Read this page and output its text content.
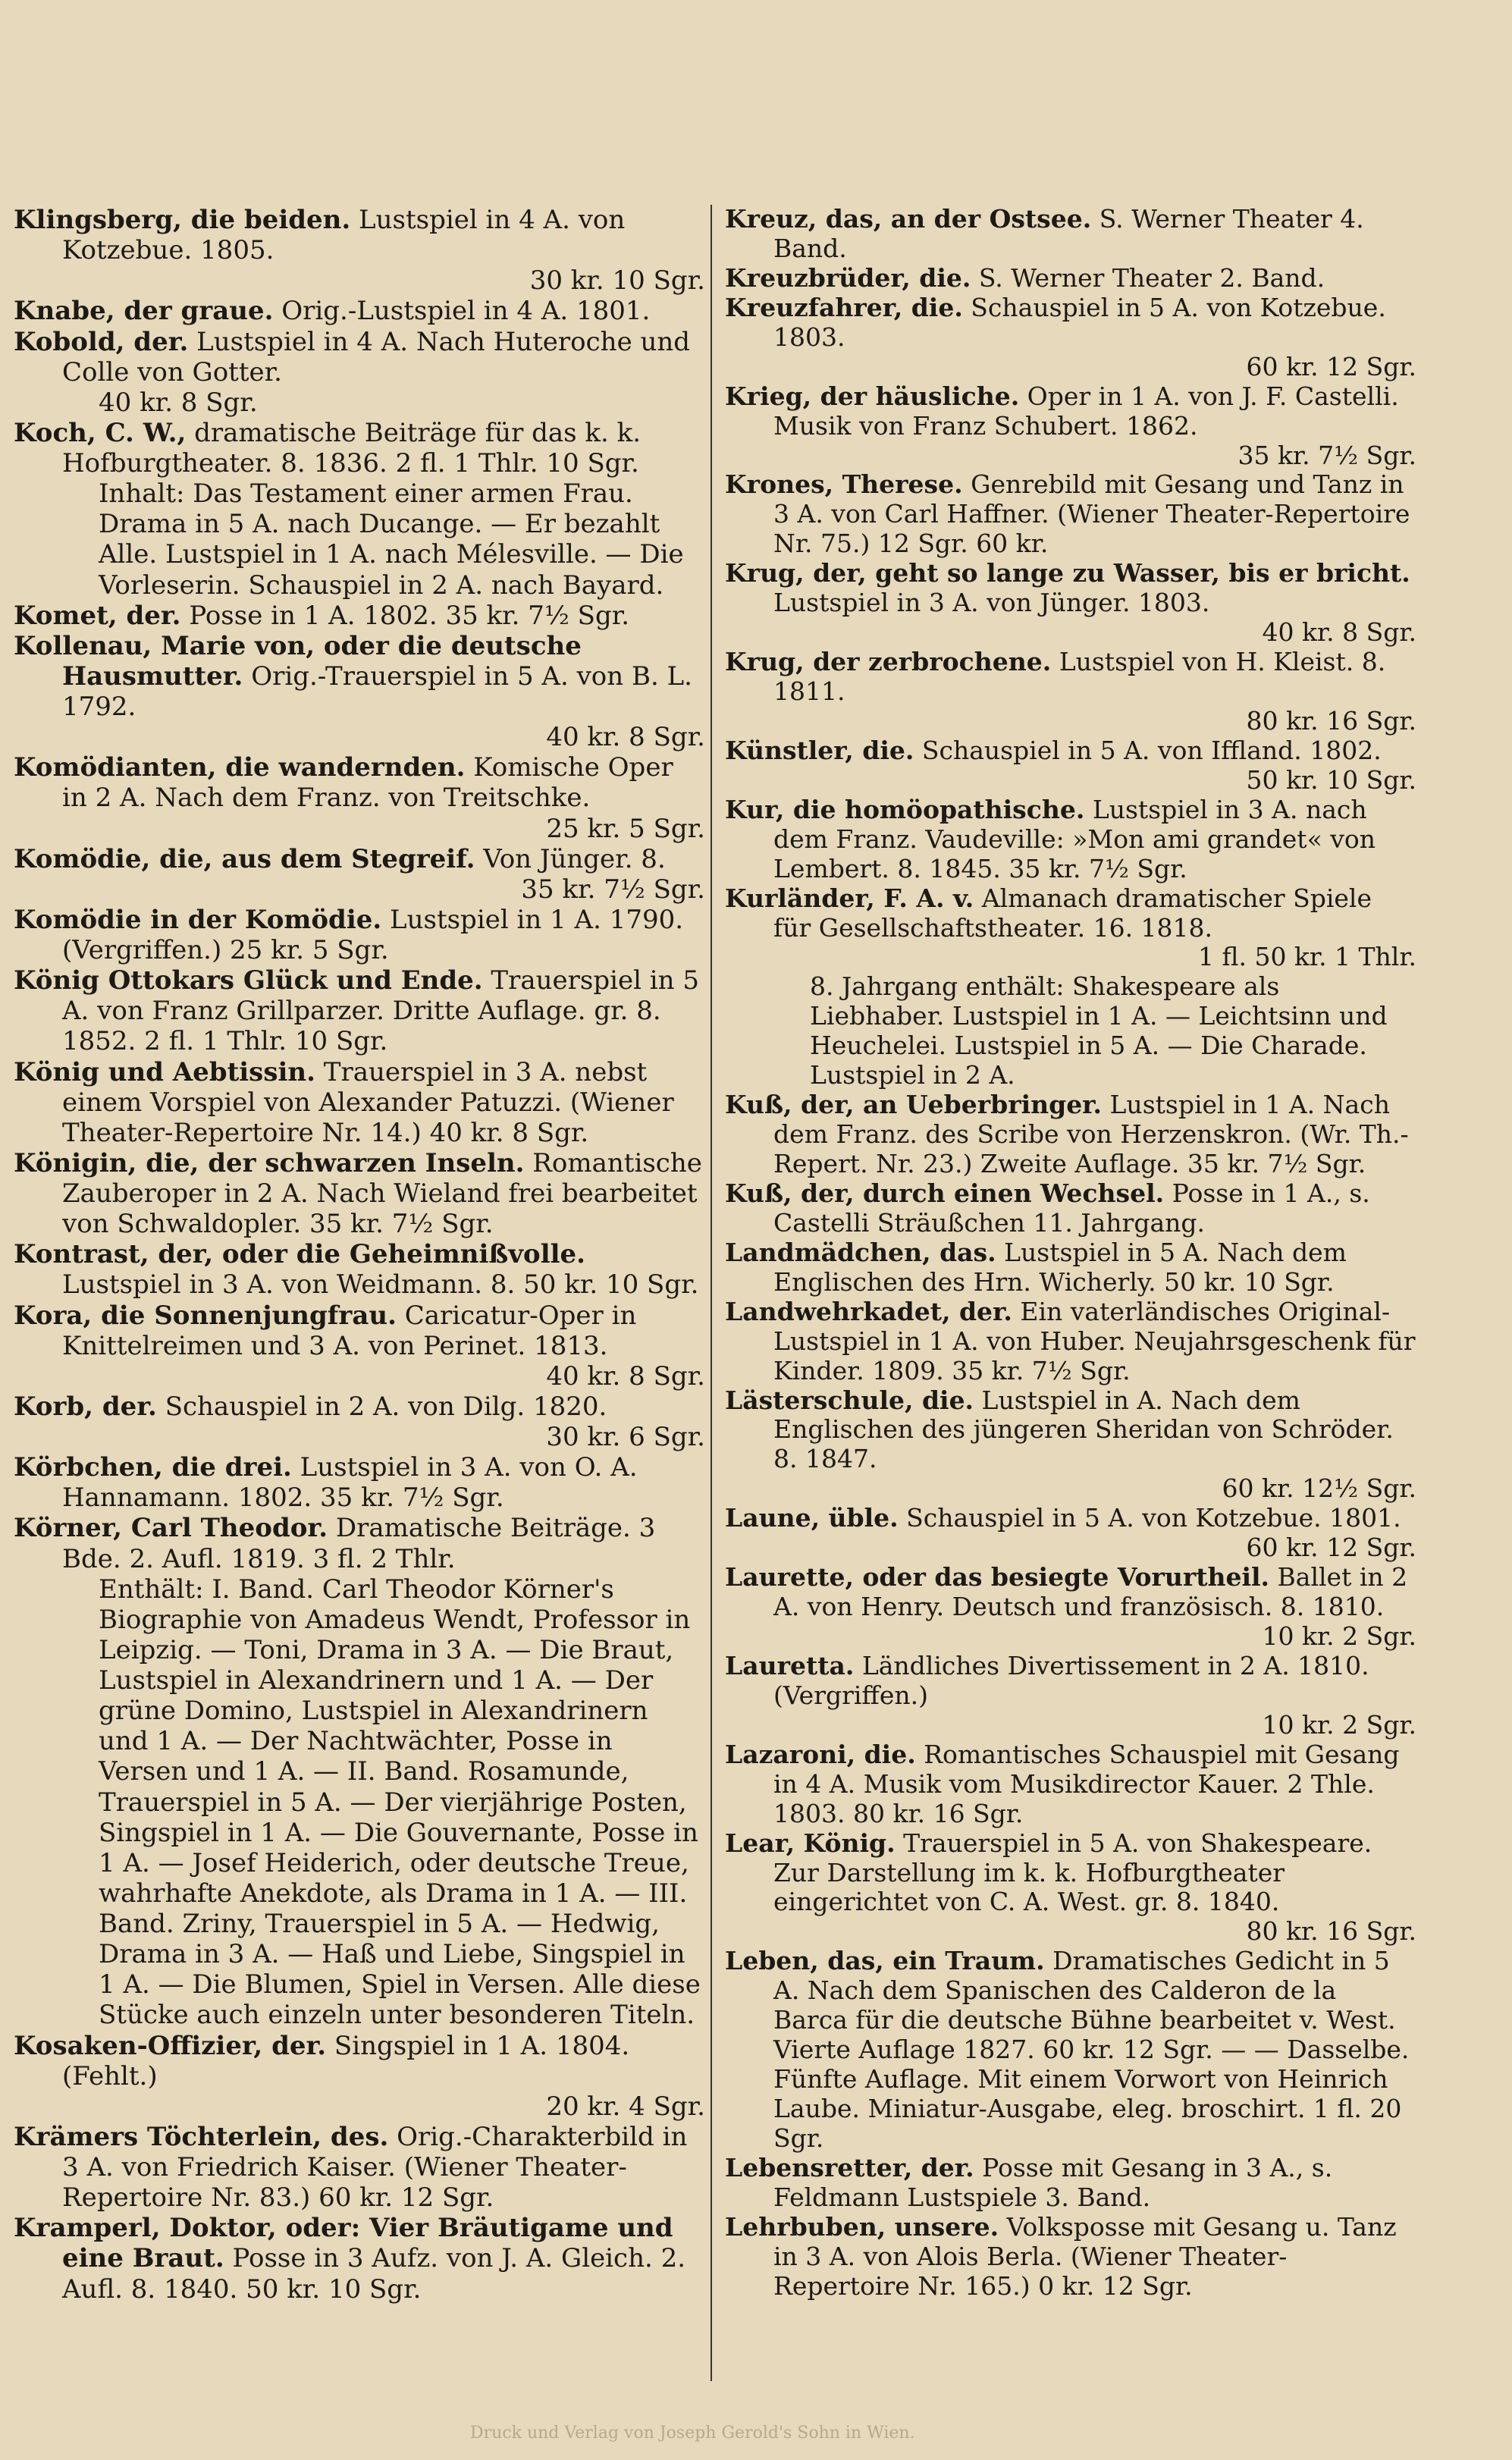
Klingsberg, die beiden. Lustspiel in 4 A. von Kotzebue. 1805.
30 kr. 10 Sgr.

Knabe, der graue. Orig.-Lustspiel in 4 A. 1801.

Kobold, der. Lustspiel in 4 A. Nach Huteroche und Colle von Gotter.
40 kr. 8 Sgr.

Koch, C. W., dramatische Beiträge für das k. k. Hofburgtheater. 8. 1836. 2 fl. 1 Thlr. 10 Sgr.
Inhalt: Das Testament einer armen Frau. Drama in 5 A. nach Ducange. — Er bezahlt Alle. Lustspiel in 1 A. nach Mélesville. — Die Vorleserin. Schauspiel in 2 A. nach Bayard.

Komet, der. Posse in 1 A. 1802. 35 kr. 7½ Sgr.

Kollenau, Marie von, oder die deutsche Hausmutter. Orig.-Trauerspiel in 5 A. von B. L. 1792.
40 kr. 8 Sgr.

Komödianten, die wandernden. Komische Oper in 2 A. Nach dem Franz. von Treitschke.
25 kr. 5 Sgr.

Komödie, die, aus dem Stegreif. Von Jünger. 8.
35 kr. 7½ Sgr.

Komödie in der Komödie. Lustspiel in 1 A. 1790. (Vergriffen.) 25 kr. 5 Sgr.

König Ottokars Glück und Ende. Trauerspiel in 5 A. von Franz Grillparzer. Dritte Auflage. gr. 8. 1852. 2 fl. 1 Thlr. 10 Sgr.

König und Aebtissin. Trauerspiel in 3 A. nebst einem Vorspiel von Alexander Patuzzi. (Wiener Theater-Repertoire Nr. 14.) 40 kr. 8 Sgr.

Königin, die, der schwarzen Inseln. Romantische Zauberoper in 2 A. Nach Wieland frei bearbeitet von Schwaldopler. 35 kr. 7½ Sgr.

Kontrast, der, oder die Geheimnißvolle. Lustspiel in 3 A. von Weidmann. 8. 50 kr. 10 Sgr.

Kora, die Sonnenjungfrau. Caricatur-Oper in Knittelreimen und 3 A. von Perinet. 1813.
40 kr. 8 Sgr.

Korb, der. Schauspiel in 2 A. von Dilg. 1820.
30 kr. 6 Sgr.

Körbchen, die drei. Lustspiel in 3 A. von O. A. Hannamann. 1802. 35 kr. 7½ Sgr.

Körner, Carl Theodor. Dramatische Beiträge. 3 Bde. 2. Aufl. 1819. 3 fl. 2 Thlr.
Enthält: I. Band. Carl Theodor Körner's Biographie von Amadeus Wendt, Professor in Leipzig. — Toni, Drama in 3 A. — Die Braut, Lustspiel in Alexandrinern und 1 A. — Der grüne Domino, Lustspiel in Alexandrinern und 1 A. — Der Nachtwächter, Posse in Versen und 1 A. — II. Band. Rosamunde, Trauerspiel in 5 A. — Der vierjährige Posten, Singspiel in 1 A. — Die Gouvernante, Posse in 1 A. — Josef Heiderich, oder deutsche Treue, wahrhafte Anekdote, als Drama in 1 A. — III. Band. Zriny, Trauerspiel in 5 A. — Hedwig, Drama in 3 A. — Haß und Liebe, Singspiel in 1 A. — Die Blumen, Spiel in Versen. Alle diese Stücke auch einzeln unter besonderen Titeln.

Kosaken-Offizier, der. Singspiel in 1 A. 1804. (Fehlt.)
20 kr. 4 Sgr.

Krämers Töchterlein, des. Orig.-Charakterbild in 3 A. von Friedrich Kaiser. (Wiener Theater-Repertoire Nr. 83.) 60 kr. 12 Sgr.

Kramperl, Doktor, oder: Vier Bräutigame und eine Braut. Posse in 3 Aufz. von J. A. Gleich. 2. Aufl. 8. 1840. 50 kr. 10 Sgr.

Kreuz, das, an der Ostsee. S. Werner Theater 4. Band.

Kreuzbrüder, die. S. Werner Theater 2. Band.

Kreuzfahrer, die. Schauspiel in 5 A. von Kotzebue. 1803.
60 kr. 12 Sgr.

Krieg, der häusliche. Oper in 1 A. von J. F. Castelli. Musik von Franz Schubert. 1862.
35 kr. 7½ Sgr.

Krones, Therese. Genrebild mit Gesang und Tanz in 3 A. von Carl Haffner. (Wiener Theater-Repertoire Nr. 75.) 12 Sgr. 60 kr.

Krug, der, geht so lange zu Wasser, bis er bricht. Lustspiel in 3 A. von Jünger. 1803.
40 kr. 8 Sgr.

Krug, der zerbrochene. Lustspiel von H. Kleist. 8. 1811.
80 kr. 16 Sgr.

Künstler, die. Schauspiel in 5 A. von Iffland. 1802.
50 kr. 10 Sgr.

Kur, die homöopathische. Lustspiel in 3 A. nach dem Franz. Vaudeville: »Mon ami grandet« von Lembert. 8. 1845. 35 kr. 7½ Sgr.

Kurländer, F. A. v. Almanach dramatischer Spiele für Gesellschaftstheater. 16. 1818.
1 fl. 50 kr. 1 Thlr.
8. Jahrgang enthält: Shakespeare als Liebhaber. Lustspiel in 1 A. — Leichtsinn und Heuchelei. Lustspiel in 5 A. — Die Charade. Lustspiel in 2 A.

Kuß, der, an Ueberbringer. Lustspiel in 1 A. Nach dem Franz. des Scribe von Herzenskron. (Wr. Th.-Repert. Nr. 23.) Zweite Auflage. 35 kr. 7½ Sgr.

Kuß, der, durch einen Wechsel. Posse in 1 A., s. Castelli Sträußchen 11. Jahrgang.

Landmädchen, das. Lustspiel in 5 A. Nach dem Englischen des Hrn. Wicherly. 50 kr. 10 Sgr.

Landwehrkadet, der. Ein vaterländisches Original-Lustspiel in 1 A. von Huber. Neujahrsgeschenk für Kinder. 1809. 35 kr. 7½ Sgr.

Lästerschule, die. Lustspiel in A. Nach dem Englischen des jüngeren Sheridan von Schröder. 8. 1847.
60 kr. 12½ Sgr.

Laune, üble. Schauspiel in 5 A. von Kotzebue. 1801.
60 kr. 12 Sgr.

Laurette, oder das besiegte Vorurtheil. Ballet in 2 A. von Henry. Deutsch und französisch. 8. 1810.
10 kr. 2 Sgr.

Lauretta. Ländliches Divertissement in 2 A. 1810. (Vergriffen.)
10 kr. 2 Sgr.

Lazaroni, die. Romantisches Schauspiel mit Gesang in 4 A. Musik vom Musikdirector Kauer. 2 Thle. 1803. 80 kr. 16 Sgr.

Lear, König. Trauerspiel in 5 A. von Shakespeare. Zur Darstellung im k. k. Hofburgtheater eingerichtet von C. A. West. gr. 8. 1840.
80 kr. 16 Sgr.

Leben, das, ein Traum. Dramatisches Gedicht in 5 A. Nach dem Spanischen des Calderon de la Barca für die deutsche Bühne bearbeitet v. West. Vierte Auflage 1827. 60 kr. 12 Sgr. — — Dasselbe. Fünfte Auflage. Mit einem Vorwort von Heinrich Laube. Miniatur-Ausgabe, eleg. broschirt. 1 fl. 20 Sgr.

Lebensretter, der. Posse mit Gesang in 3 A., s. Feldmann Lustspiele 3. Band.

Lehrbuben, unsere. Volksposse mit Gesang u. Tanz in 3 A. von Alois Berla. (Wiener Theater-Repertoire Nr. 165.) 0 kr. 12 Sgr.

Druck und Verlag von Joseph Gerold's Sohn in Wien.
